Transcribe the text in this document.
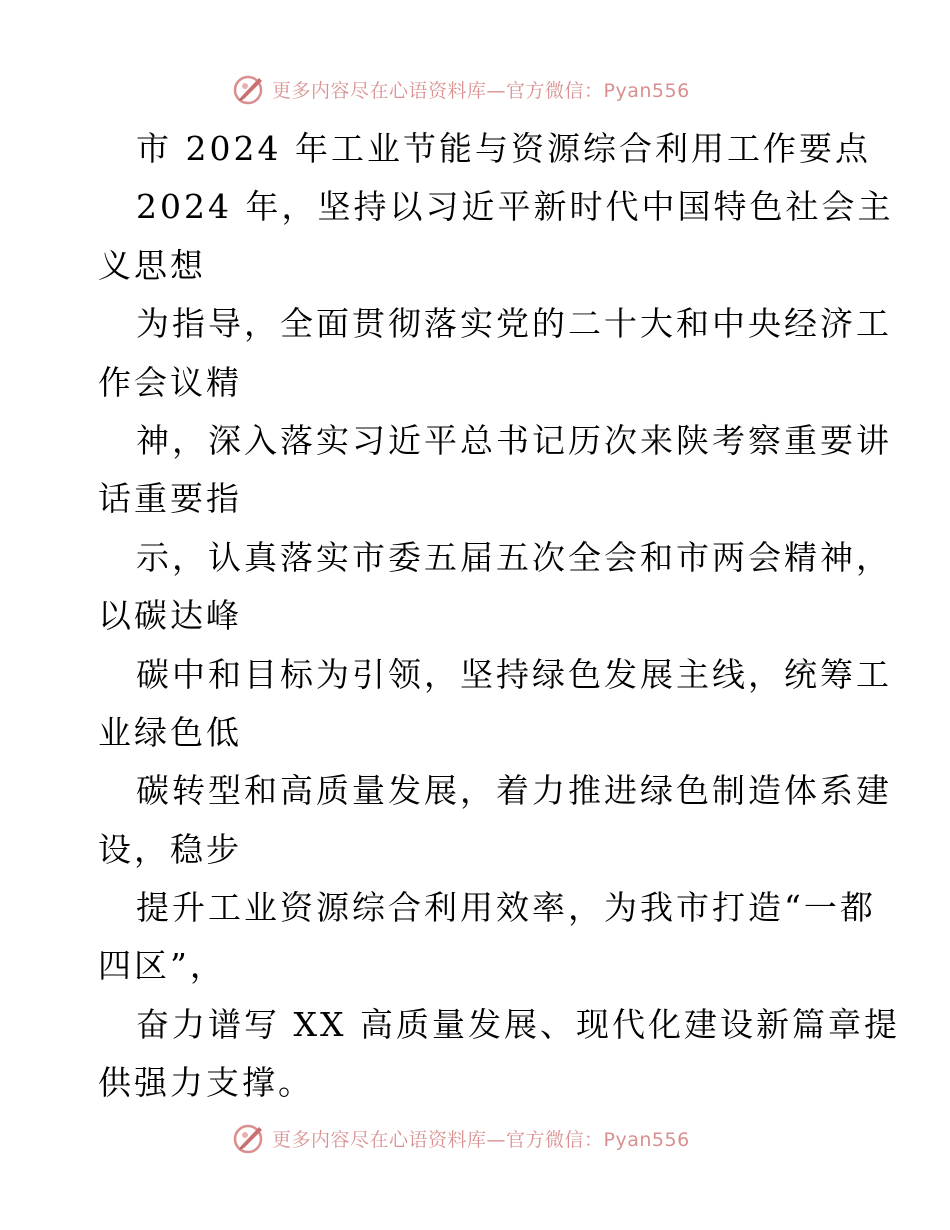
更多内容尽在心语资料库—官方微信：Pyan556
市 2024 年工业节能与资源综合利用工作要点
2024 年，坚持以习近平新时代中国特色社会主
义思想
为指导，全面贯彻落实党的二十大和中央经济工
作会议精
神，深入落实习近平总书记历次来陕考察重要讲
话重要指
示，认真落实市委五届五次全会和市两会精神，
以碳达峰
碳中和目标为引领，坚持绿色发展主线，统筹工
业绿色低
碳转型和高质量发展，着力推进绿色制造体系建
设，稳步
提升工业资源综合利用效率，为我市打造“一都
四区”，
奋力谱写 XX 高质量发展、现代化建设新篇章提
供强力支撑。
更多内容尽在心语资料库—官方微信：Pyan556
